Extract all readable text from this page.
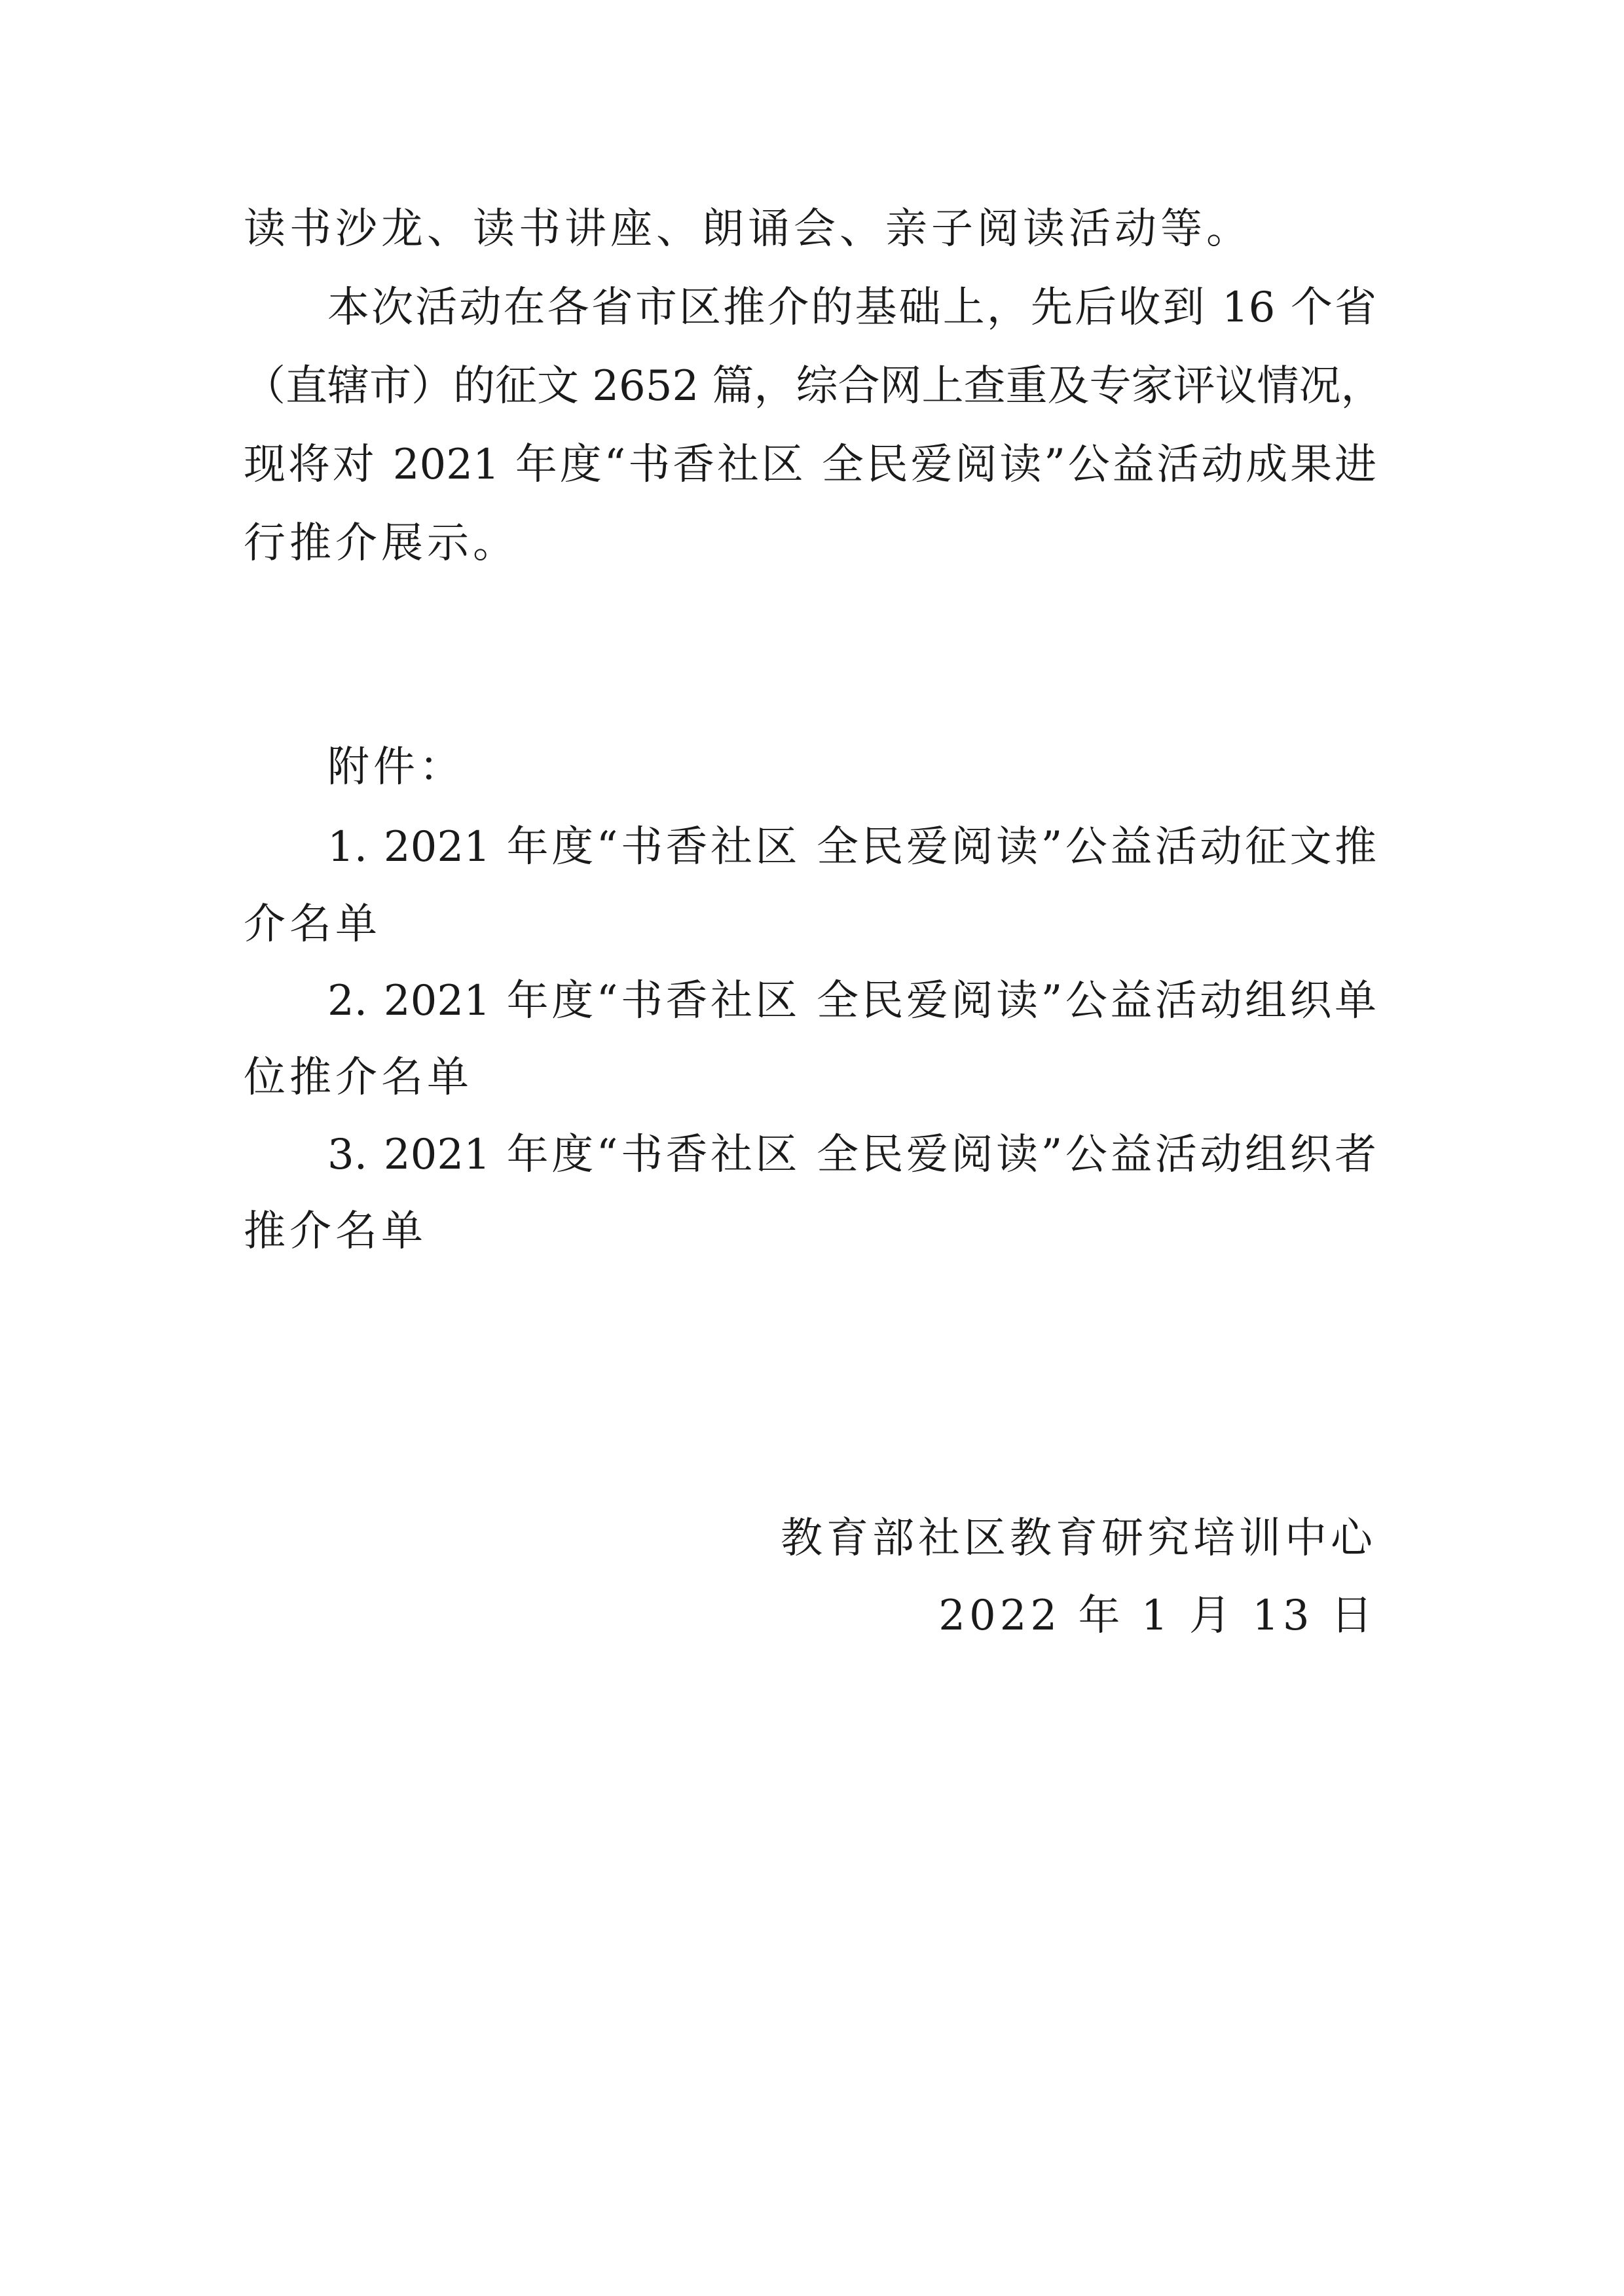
读书沙龙、读书讲座、朗诵会、亲子阅读活动等。
本次活动在各省市区推介的基础上，先后收到 16 个省
（直辖市）的征文 2652 篇，综合网上查重及专家评议情况，
现将对 2021 年度“书香社区 全民爱阅读”公益活动成果进
行推介展示。
附件：
1. 2021 年度“书香社区 全民爱阅读”公益活动征文推
介名单
2. 2021 年度“书香社区 全民爱阅读”公益活动组织单
位推介名单
3. 2021 年度“书香社区 全民爱阅读”公益活动组织者
推介名单
教育部社区教育研究培训中心
2022 年 1 月 13 日
